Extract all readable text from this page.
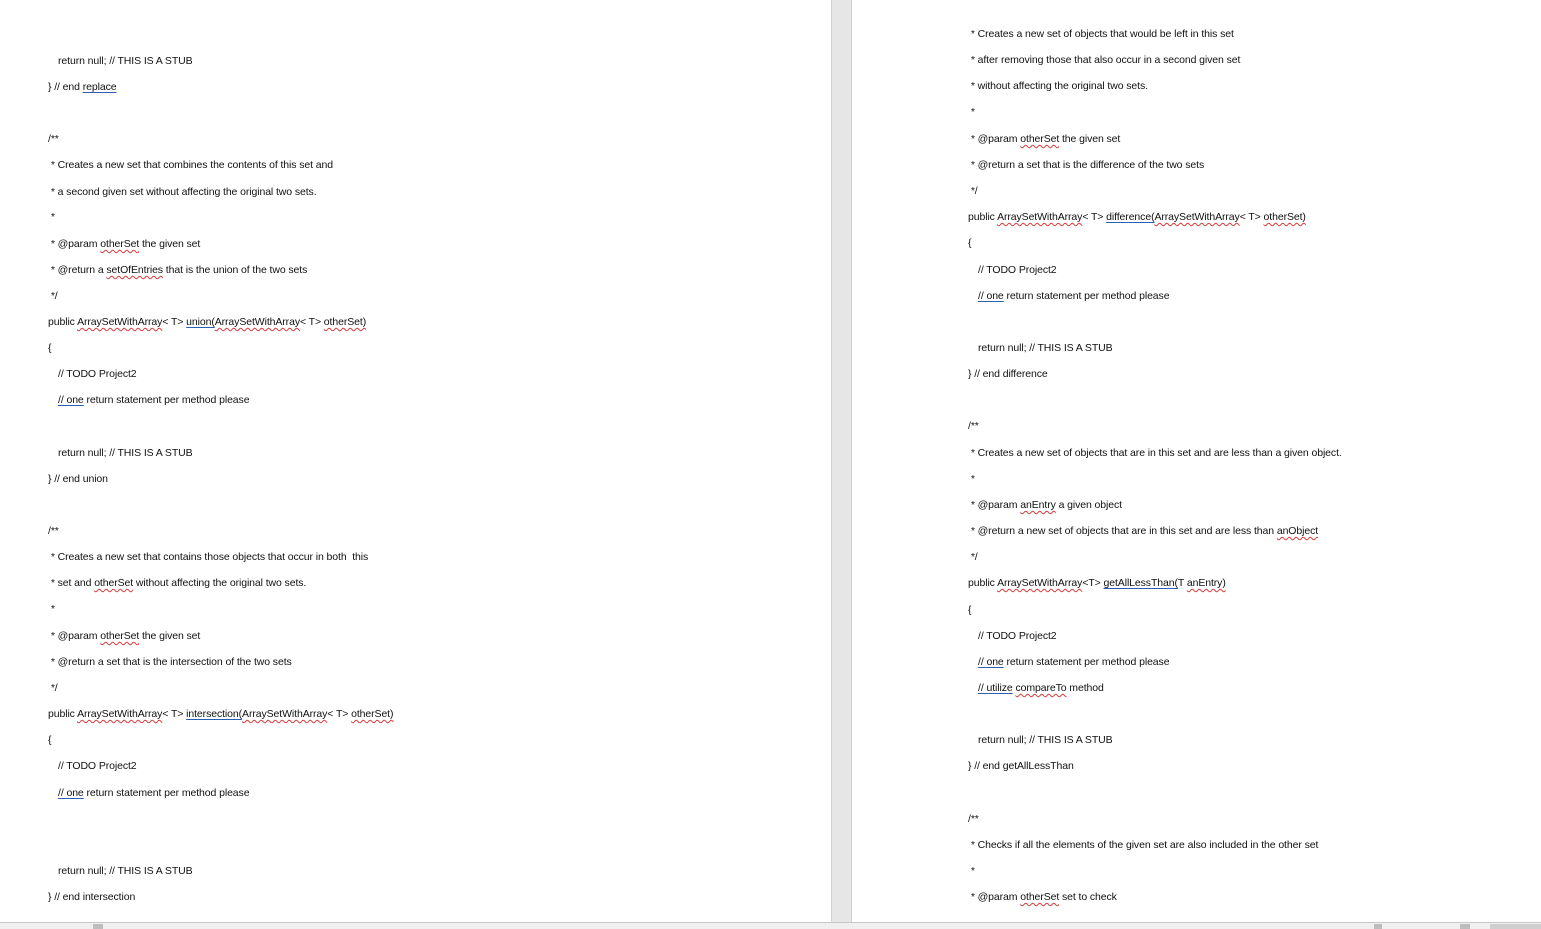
return null; // THIS IS A STUB
} // end replace
/**
* Creates a new set that combines the contents of this set and
* a second given set without affecting the original two sets.
*
* @param otherSet the given set
* @return a setOfEntries that is the union of the two sets
*/
public ArraySetWithArray< T> union(ArraySetWithArray< T> otherSet)
{
// TODO Project2
// one return statement per method please
return null; // THIS IS A STUB
} // end union
/**
* Creates a new set that contains those objects that occur in both  this
* set and otherSet without affecting the original two sets.
*
* @param otherSet the given set
* @return a set that is the intersection of the two sets
*/
public ArraySetWithArray< T> intersection(ArraySetWithArray< T> otherSet)
{
// TODO Project2
// one return statement per method please
return null; // THIS IS A STUB
} // end intersection
* Creates a new set of objects that would be left in this set
* after removing those that also occur in a second given set
* without affecting the original two sets.
*
* @param otherSet the given set
* @return a set that is the difference of the two sets
*/
public ArraySetWithArray< T> difference(ArraySetWithArray< T> otherSet)
{
// TODO Project2
// one return statement per method please
return null; // THIS IS A STUB
} // end difference
/**
* Creates a new set of objects that are in this set and are less than a given object.
*
* @param anEntry a given object
* @return a new set of objects that are in this set and are less than anObject
*/
public ArraySetWithArray<T> getAllLessThan(T anEntry)
{
// TODO Project2
// one return statement per method please
// utilize compareTo method
return null; // THIS IS A STUB
} // end getAllLessThan
/**
* Checks if all the elements of the given set are also included in the other set
*
* @param otherSet set to check
